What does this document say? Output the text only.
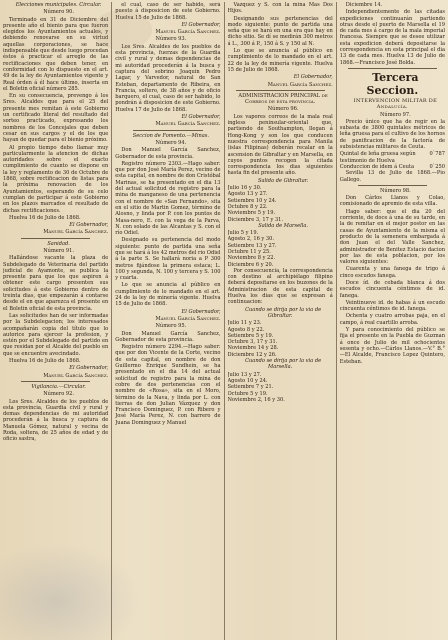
Elecciones municipales. Circular.

Número 90.

Terminado en 31 de Diciembre del presente año el bienio para que fueron elegidos los Ayuntamientos actuales, y debiendo renovarse en su virtud aquellas corporaciones, se hace indispensable que desde luego procedan éstos á practicar el arreglo de las rectificaciones que deben tener, en conformidad con lo dispuesto en el art. 49 de la ley de Ayuntamientos vigente y Real órden á él hace último, inserta en el Boletin oficial número 285.

En su consecuencia, prevengo á los Sres. Alcaldes que para el 25 del presente mes remitan á este Gobierno un certificado literal del resultado del sorteo practicado, expresando los nombres de los Concejales que deben cesar en sus cargos y el de los que hayan de quedar para el bienio próximo.

Al propio tiempo debo llamar muy particularmente la atencion de dichas autoridades sobre el exacto cumplimiento de cuanto se dispone en la ley y reglamento de 30 de Octubre de 1868, sobre rectificacion de listas para la próxima renovacion de los Ayuntamientos, esperando de su celo cumplan de participar á este Gobierno en los plazos marcados el resultado de dichas rectificaciones.

Huelva 16 de Julio de 1868.

El Gobernador,

Manuel García Sanchez.

Sanidad.

Número 91.

Hallándose vacante la plaza de Subdelegado de Veterinaria del partido judicial de Ayamonte, se publica la presente para que los que aspiren á obtener este cargo presenten sus solicitudes á este Gobierno dentro de treinta dias, que empezarán á contarse desde el en que aparezca el presente en el Boletin oficial de esta provincia.

Las solicitudes han de ser informadas por la Subdelegacion; los interesados acompañarán copia del título que lo autorice para ejercer la profesion, y estén por el Subdelegado del partido en que residan por el Alcalde del pueblo en que se encuentre avecindado.

Huelva 16 de Julio de 1868.

El Gobernador,

Manuel García Sanchez.

Vigilancia.—Circular.

Número 92.

Los Sres. Alcaldes de los pueblos de esta provincia, Guardia civil y rural y demas dependencias de mi autoridad procederán á la busca y captura de Manuela Gómez, natural y vecina de Roda, soltera, de 25 años de edad y de oficio sastra,

el cual, caso de ser habido, será puesto á disposicion de este Gobierno. Huelva 15 de Julio de 1868.

El Gobernador,

Manuel García Sanchez.

Número 93.

Los Sres. Alcaldes de los pueblos de esta provincia, fuerzas de la Guardia civil y rural y demas dependencias de mi autoridad procederán á la busca y captura del sobrino Joaquin Pedro Lagar, y Varvedor, natural de San Esteban, departamento de Ribeira, en Francia, soltero, de 38 años y de oficio barquero, el cual, caso de ser habido, lo pondrán á disposicion de este Gobierno. Huelva 17 de Julio de 1868.

El Gobernador,

Manuel García Sanchez.

Seccion de Fomento.—Minas.

Número 94.

Don Manuel García Sanchez, Gobernador de esta provincia.

Registro número 2303.—Hago saber: que por don José María Perez, vecino de esta capital, en nombre de don Cristóbal Marinas, se ha presentado en el dia 13 del actual solicitud de registro para la mina de manganeso de una pertenencia con el nombre de «San Fernando», sita en el sitio de Martin Gomez, término de Alosno, y linda por P. con los puntos de Masa-nero, E. con la vega de la Parva, N. con solado de las Alcantas y S. con el río Odiel.

Designado su pertenencia del modo siguiente: punto de partida una seña que se hará á los 42 metros del rio Odiel á la parte S. Se hallará noria a P 300 metros fijándose la primera estaca; L. 100 y segunda, N. 100 y tercera y S. 100 y cuarta.

Lo que se anuncia al público en cumplimiento de lo mandado en el art. 24 de la ley de minería vigente. Huelva 15 de Julio de 1868.

El Gobernador,

Manuel García Sanchez.

Número 95.

Don Manuel García Sanchez, Gobernador de esta provincia.

Registro número 2294.—Hago saber: que por don Vicente de la Corte, vecino de esta capital, en nombre de don Guillermo Enrique Sundhein, se ha presentado en el dia 14 del actual solicitud de registro para la mina de cobre de dos pertenencias con el nombre de «Rosa», sita en el Moro, término de la Nava, y linda por L. con tierras de don Julian Vázquez y don Francisco Dominguez, P. con Ribero y José María Perez, N. con barrero de Juana Dominguez y Manuel

Vazquez y S. con la mina Mas Dos Hijos.

Designando sus pertenencias del modo siguiente: punto de partida una seña que se hará en una era que hay en dicho sitio. Se dí se medirán 300 metros á L., 300 á P., 150 á S. y 150 al N.

Lo que se anuncia al público en cumplimiento de lo mandado en el art. 22 de la ley de minería vigente. Huelva 15 de Julio de 1868.

El Gobernador,

Manuel García Sanchez.

ADMINISTRACION PRINCIPAL de Correos de esta provincia.

Número 96.

Los vapores correos de la mala real ingless peninsular-oriental que, partiendo de Southampton, llegan á Hong-Kong y son los que conducen nuestra correspondencia para Manila (islas Filipinas) deberán recalar en la ascension de Gibraltar y en Marsella, en cuyos puntos recogen la citada correspondencia los dias siguientes hasta fin del presente año.

Salida de Gibraltar.

Julio 16 y 30.

Agosto 13 y 27.

Setiembre 10 y 24.

Octubre 8 y 22.

Noviembre 5 y 19.

Diciembre 3, 17 y 31.

Salida de Marsella.

Julio 5 y 19.

Agosto 2, 16 y 30.

Setiembre 13 y 27.

Octubre 11 y 25.

Noviembre 8 y 22.

Diciembre 6 y 20.

Por consecuencia, la correspondencia con destino al archipiélago filipino deberá depositarse en los buzones de la Administracion de esta capital de Huelva los dias que se expresan á continuacion:

Cuando se dirija por la via de Gibraltar.

Julio 11 y 23.

Agosto 8 y 22.

Setiembre 5 y 19.

Octubre 3, 17 y 31.

Noviembre 14 y 28.

Diciembre 12 y 26.

Cuando se dirija por la via de Marsella.

Julio 13 y 27.

Agosto 10 y 24.

Setiembre 7 y 21.

Octubre 5 y 19.

Noviembre 2, 16 y 30.

Diciembre 14.

Independientemente de las citadas expediciones continuarán partiendo otras desde el puerto de Marsella el 19 de cada mes á cargo de la mala imperial francesa. Siempre que se desee utilizar esta expedicion deberá depositarse la correspondencia en esta principal el dia 13 de cada mes. Huelva 13 de Julio de 1868.—Francisco José Bolda.

Tercera Seccion.

INTERVENCION MILITAR DE Andalucía.

Número 97.

Precio único que ha de regir en la subasta de 3800 quintales métricos de leña gruesa para el cultivo de los hornos de panificacion de la factoría de subsistencias militares de Ceuta.

Quintal de leña gruesa según testimonio de Huelva
0`787
Conduccion de ídem á Ceuta	0`250

Sevilla 13 de Julio de 1868.—Pio Gallego.

Número 98.

Don Cárlos Llanos y Colao, comisionado de apremio de esta villa.

Hago saber: que el dia 20 del corriente, de doce á una de su tarde, en la de remitar en el mejor postor en las casas de Ayuntamiento de la misma el producto de la semenera embargada á don Juan el del Valle Sanchez, administrador de Benitez Estacio dacion por las de esta poblacion, por los valores siguientes:

Cuarenta y una fanega de trigo á cinco escudos fanega.

Doce íd. de cebada blanca á dos escudos cincuenta céntimos de id. fanega.

Veintinueve id. de habas á un escudo cincuenta céntimos de id. fanega.

Ochenta y cuatro arrobas paja, en el campo, á real cuartillo arroba.

Y para conocimiento del público se fija el presente en la Puebla de Guzman á once de Julio de mil ochocientos sesenta y ocho.—Cárlos Llanos.—V.° B.°—El Alcalde, Francisco Lopez Quintero, Esteban.
